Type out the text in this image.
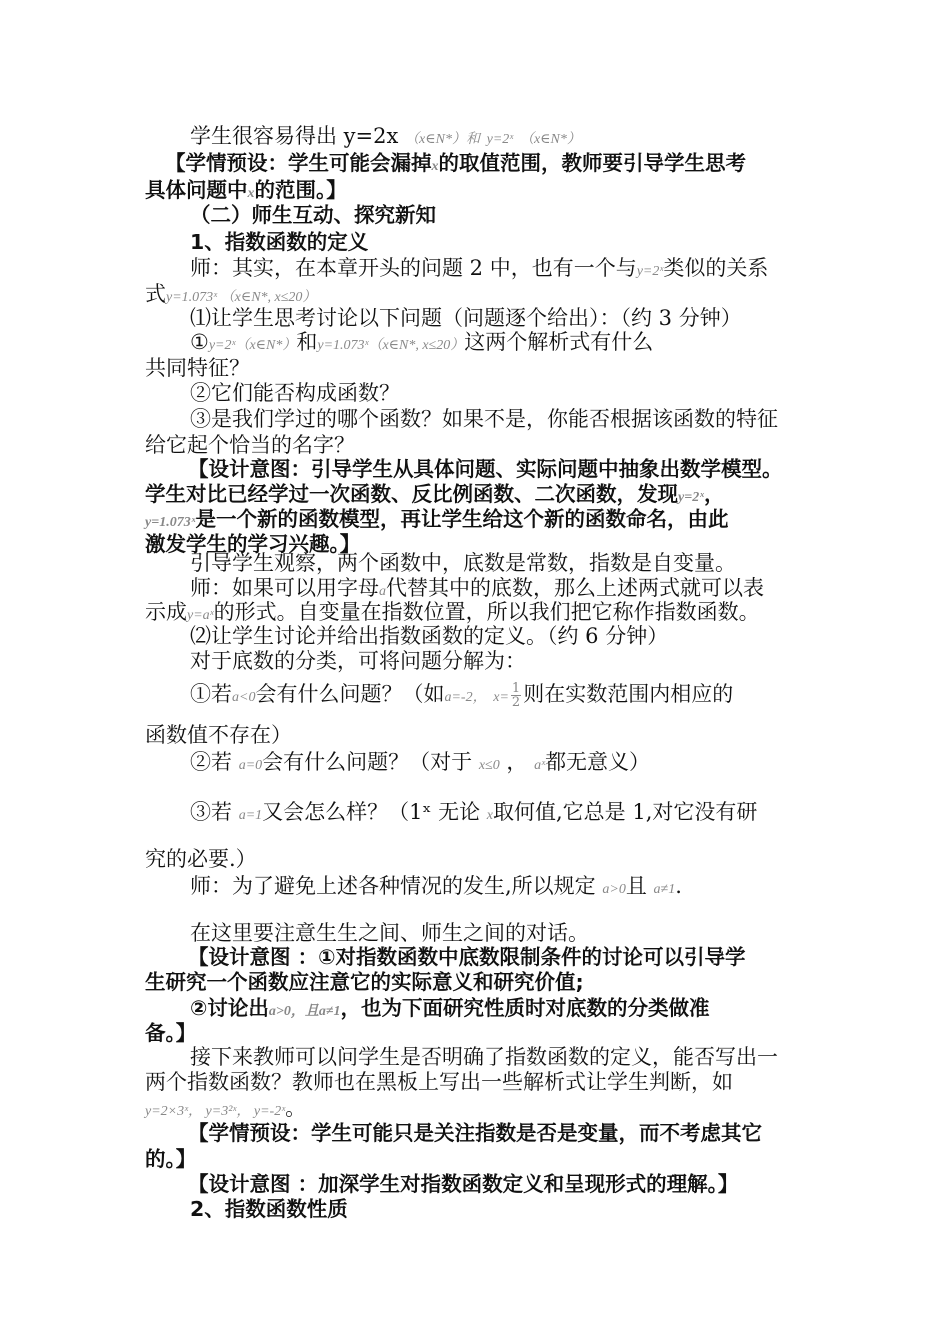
学生很容易得出 y=2x （x∈N*）和 y=2ˣ （x∈N*）
【学情预设：学生可能会漏掉x的取值范围，教师要引导学生思考
具体问题中x的范围。】
（二）师生互动、探究新知
1、指数函数的定义
师：其实，在本章开头的问题 2 中，也有一个与y=2ˣ类似的关系
式y=1.073ˣ （x∈N*, x≤20）
⑴让学生思考讨论以下问题（问题逐个给出）：（约 3 分钟）
①y=2ˣ（x∈N*）和y=1.073ˣ（x∈N*, x≤20）这两个解析式有什么
共同特征？
②它们能否构成函数？
③是我们学过的哪个函数？如果不是，你能否根据该函数的特征
给它起个恰当的名字？
【设计意图：引导学生从具体问题、实际问题中抽象出数学模型。
学生对比已经学过一次函数、反比例函数、二次函数，发现y=2ˣ，
y=1.073ˣ是一个新的函数模型，再让学生给这个新的函数命名，由此
激发学生的学习兴趣。】
引导学生观察，两个函数中，底数是常数，指数是自变量。
师：如果可以用字母a代替其中的底数，那么上述两式就可以表
示成y=aˣ的形式。自变量在指数位置，所以我们把它称作指数函数。
⑵让学生讨论并给出指数函数的定义。（约 6 分钟）
对于底数的分类，可将问题分解为：
①若a<0会有什么问题？（如a=-2， $x= \frac{1}{2}$ 则在实数范围内相应的
函数值不存在）
②若 a=0会有什么问题？（对于 x≤0 ， aˣ都无意义）
③若 a=1又会怎么样？（1ˣ 无论 x取何值,它总是 1,对它没有研
究的必要.）
师：为了避免上述各种情况的发生,所以规定 a>0且 a≠1.
在这里要注意生生之间、师生之间的对话。
【设计意图 ：①对指数函数中底数限制条件的讨论可以引导学
生研究一个函数应注意它的实际意义和研究价值;
②讨论出a>0，且a≠1，也为下面研究性质时对底数的分类做准
备。】
接下来教师可以问学生是否明确了指数函数的定义，能否写出一
两个指数函数？教师也在黑板上写出一些解析式让学生判断，如
y=2×3ˣ， y=3²ˣ， y=-2ˣ。
【学情预设：学生可能只是关注指数是否是变量，而不考虑其它
的。】
【设计意图 ：加深学生对指数函数定义和呈现形式的理解。】
2、指数函数性质
